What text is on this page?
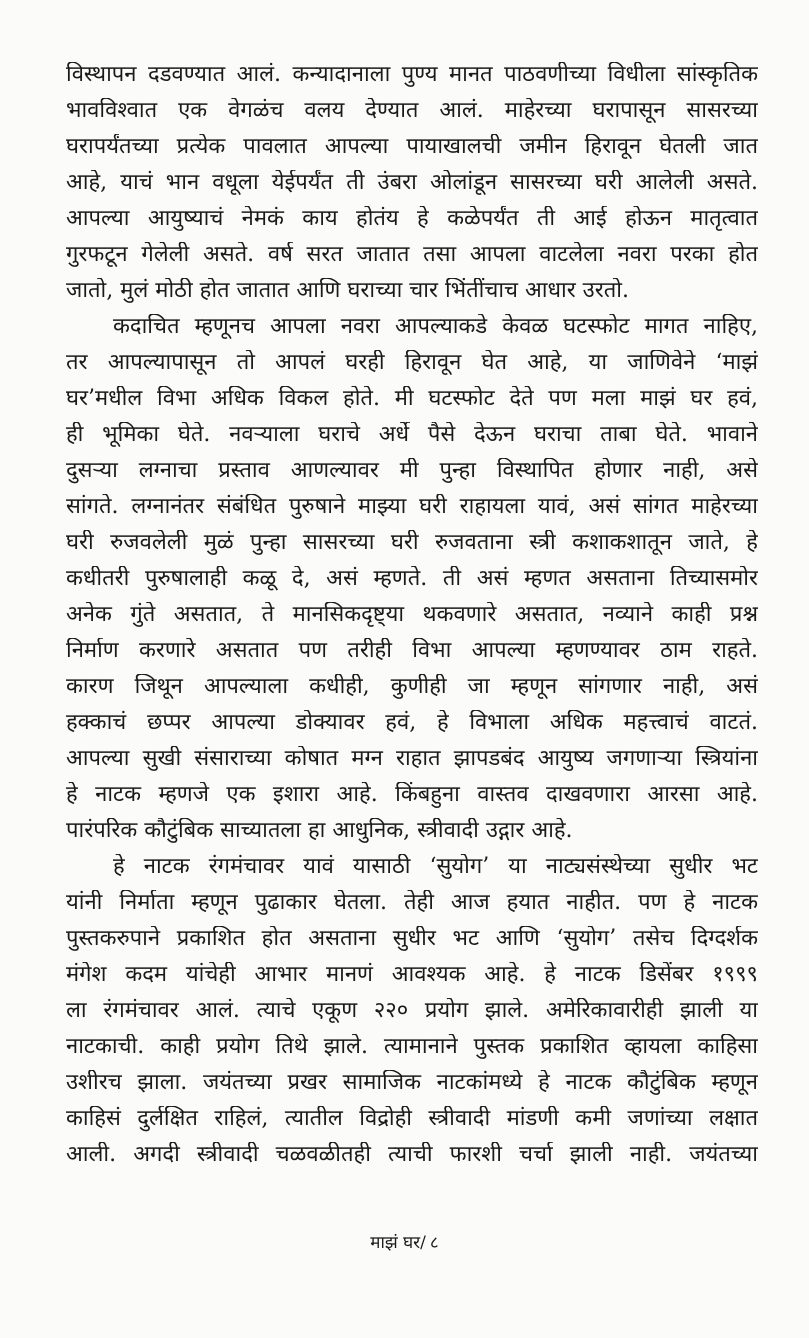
विस्थापन दडवण्यात आलं. कन्यादानाला पुण्य मानत पाठवणीच्या विधीला सांस्कृतिक
भावविश्वात एक वेगळंच वलय देण्यात आलं. माहेरच्या घरापासून सासरच्या
घरापर्यंतच्या प्रत्येक पावलात आपल्या पायाखालची जमीन हिरावून घेतली जात
आहे, याचं भान वधूला येईपर्यंत ती उंबरा ओलांडून सासरच्या घरी आलेली असते.
आपल्या आयुष्याचं नेमकं काय होतंय हे कळेपर्यंत ती आई होऊन मातृत्वात
गुरफटून गेलेली असते. वर्ष सरत जातात तसा आपला वाटलेला नवरा परका होत
जातो, मुलं मोठी होत जातात आणि घराच्या चार भिंतींचाच आधार उरतो.
कदाचित म्हणूनच आपला नवरा आपल्याकडे केवळ घटस्फोट मागत नाहिए,
तर आपल्यापासून तो आपलं घरही हिरावून घेत आहे, या जाणिवेने ‘माझं
घर’मधील विभा अधिक विकल होते. मी घटस्फोट देते पण मला माझं घर हवं,
ही भूमिका घेते. नवऱ्याला घराचे अर्धे पैसे देऊन घराचा ताबा घेते. भावाने
दुसऱ्या लग्नाचा प्रस्ताव आणल्यावर मी पुन्हा विस्थापित होणार नाही, असे
सांगते. लग्नानंतर संबंधित पुरुषाने माझ्या घरी राहायला यावं, असं सांगत माहेरच्या
घरी रुजवलेली मुळं पुन्हा सासरच्या घरी रुजवताना स्त्री कशाकशातून जाते, हे
कधीतरी पुरुषालाही कळू दे, असं म्हणते. ती असं म्हणत असताना तिच्यासमोर
अनेक गुंते असतात, ते मानसिकदृष्ट्या थकवणारे असतात, नव्याने काही प्रश्न
निर्माण करणारे असतात पण तरीही विभा आपल्या म्हणण्यावर ठाम राहते.
कारण जिथून आपल्याला कधीही, कुणीही जा म्हणून सांगणार नाही, असं
हक्काचं छप्पर आपल्या डोक्यावर हवं, हे विभाला अधिक महत्त्वाचं वाटतं.
आपल्या सुखी संसाराच्या कोषात मग्न राहात झापडबंद आयुष्य जगणाऱ्या स्त्रियांना
हे नाटक म्हणजे एक इशारा आहे. किंबहुना वास्तव दाखवणारा आरसा आहे.
पारंपरिक कौटुंबिक साच्यातला हा आधुनिक, स्त्रीवादी उद्गार आहे.
हे नाटक रंगमंचावर यावं यासाठी ‘सुयोग’ या नाट्यसंस्थेच्या सुधीर भट
यांनी निर्माता म्हणून पुढाकार घेतला. तेही आज हयात नाहीत. पण हे नाटक
पुस्तकरुपाने प्रकाशित होत असताना सुधीर भट आणि ‘सुयोग’ तसेच दिग्दर्शक
मंगेश कदम यांचेही आभार मानणं आवश्यक आहे. हे नाटक डिसेंबर १९९९
ला रंगमंचावर आलं. त्याचे एकूण २२० प्रयोग झाले. अमेरिकावारीही झाली या
नाटकाची. काही प्रयोग तिथे झाले. त्यामानाने पुस्तक प्रकाशित व्हायला काहिसा
उशीरच झाला. जयंतच्या प्रखर सामाजिक नाटकांमध्ये हे नाटक कौटुंबिक म्हणून
काहिसं दुर्लक्षित राहिलं, त्यातील विद्रोही स्त्रीवादी मांडणी कमी जणांच्या लक्षात
आली. अगदी स्त्रीवादी चळवळीतही त्याची फारशी चर्चा झाली नाही. जयंतच्या
माझं घर/ ८
